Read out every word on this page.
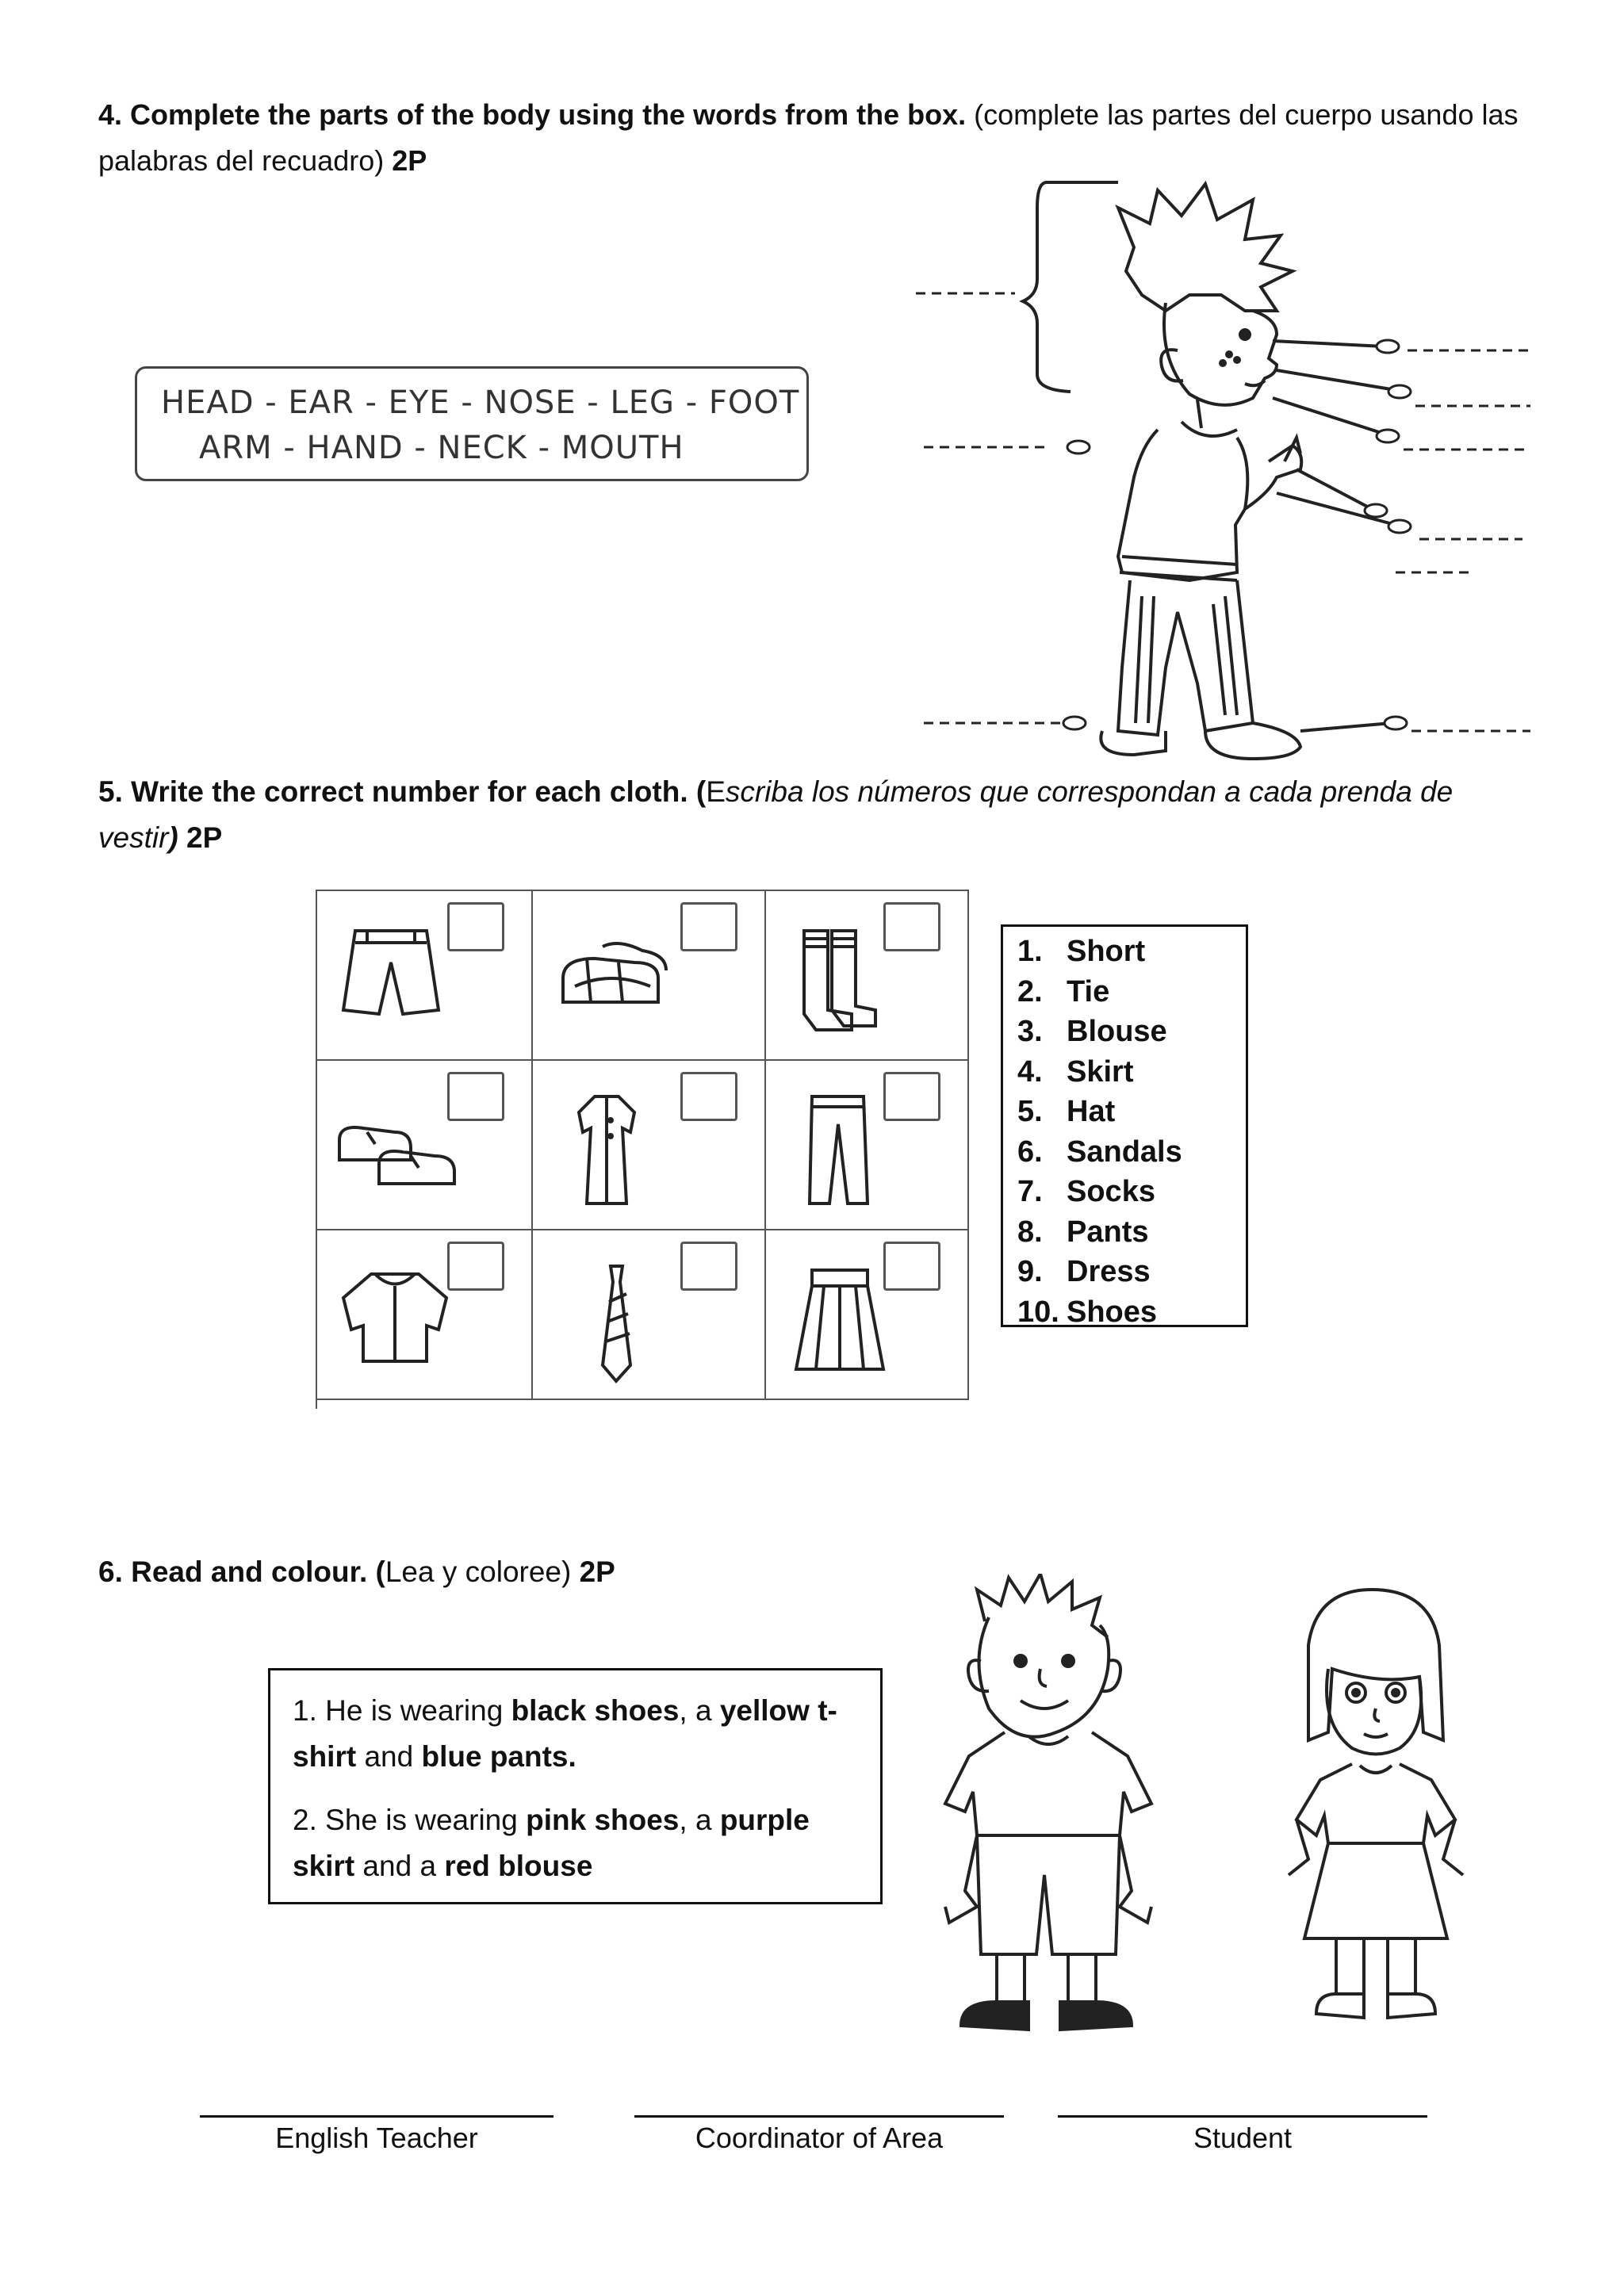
4. Complete the parts of the body using the words from the box. (complete las partes del cuerpo usando las
palabras del recuadro) 2P
HEAD - EAR - EYE - NOSE - LEG - FOOT
ARM - HAND - NECK - MOUTH
5. Write the correct number for each cloth. (Escriba los números que correspondan a cada prenda de
vestir) 2P
1. Short
2. Tie
3. Blouse
4. Skirt
5. Hat
6. Sandals
7. Socks
8. Pants
9. Dress
10. Shoes
6. Read and colour. (Lea y coloree) 2P

1. He is wearing black shoes, a yellow t-
shirt and blue pants.

2. She is wearing pink shoes, a purple
skirt and a red blouse

English Teacher	Coordinator of Area	Student
